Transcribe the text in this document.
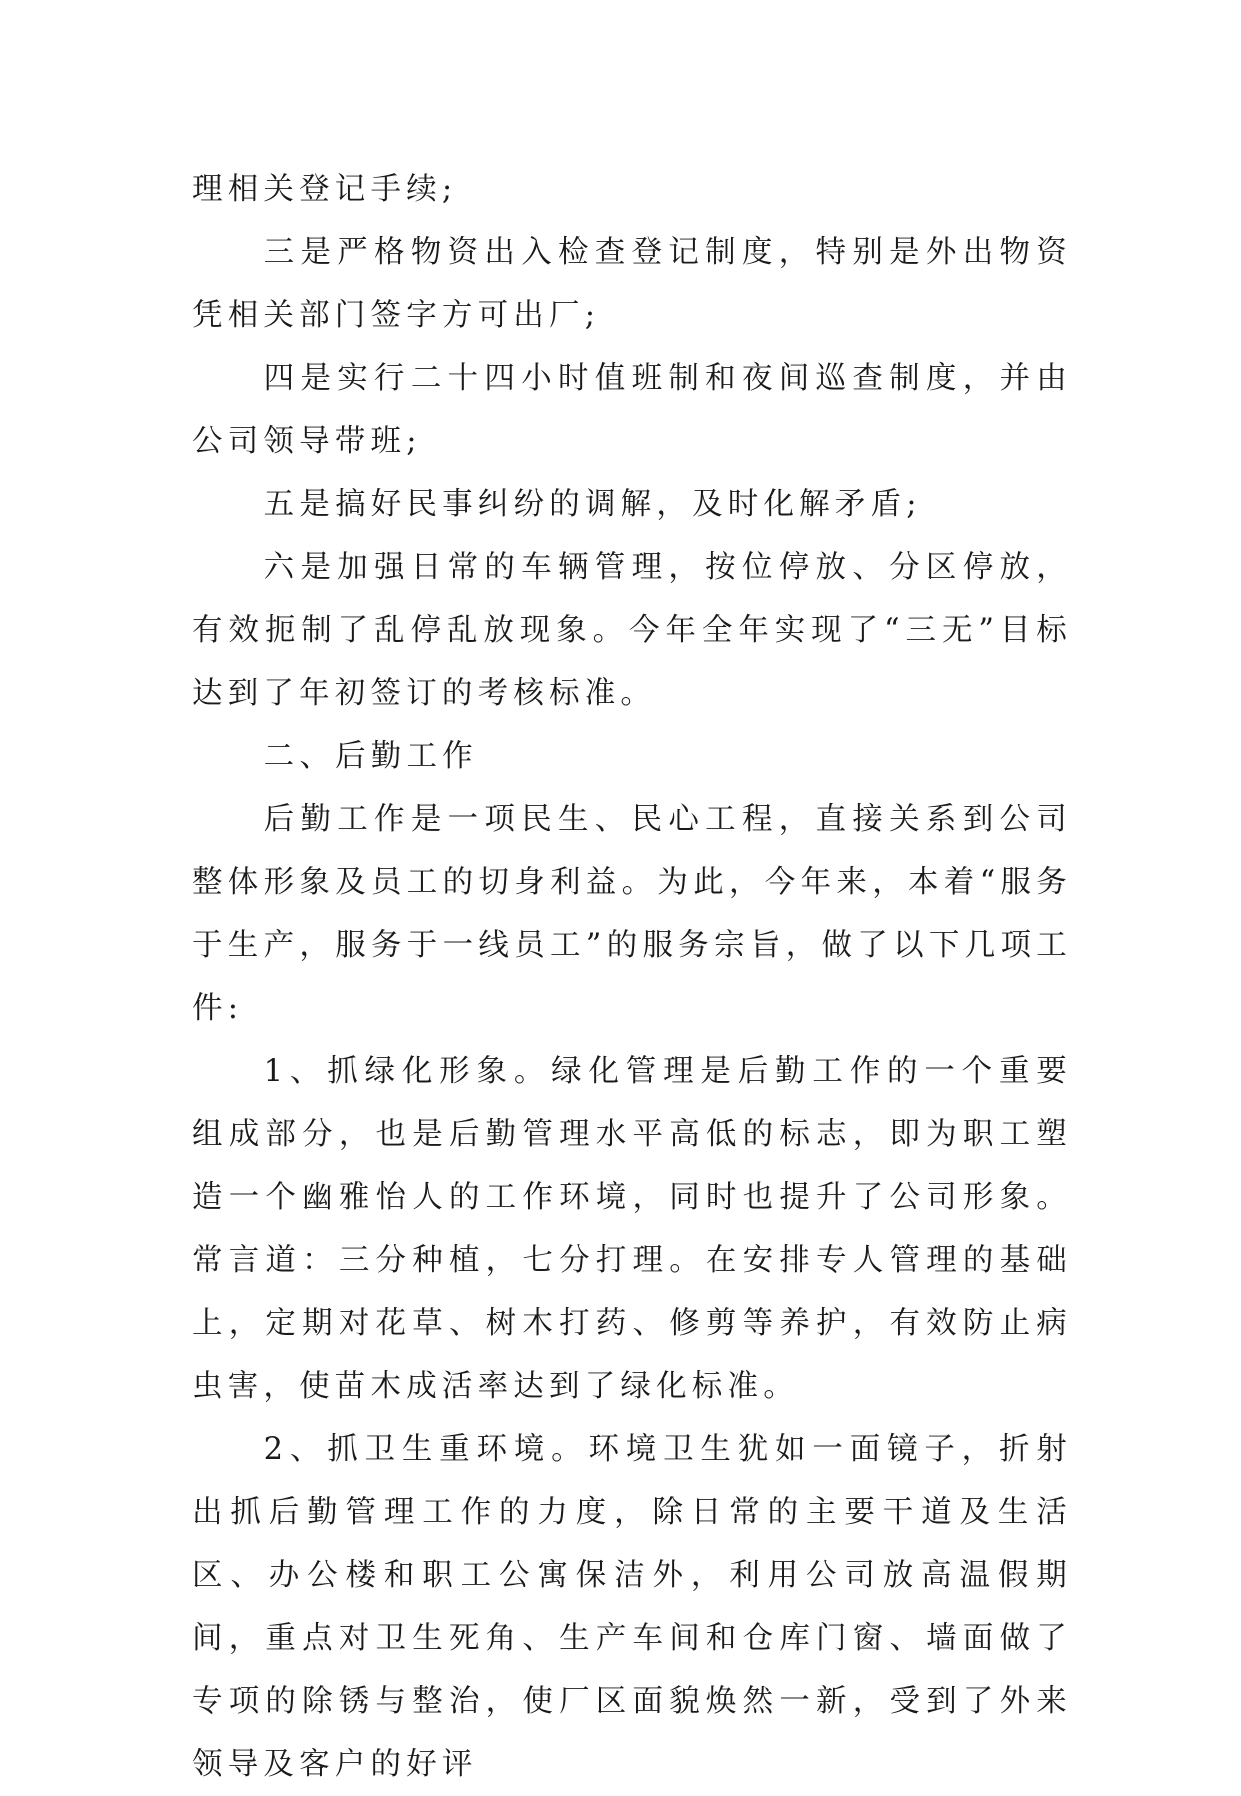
理相关登记手续;

三是严格物资出入检查登记制度，特别是外出物资凭相关部门签字方可出厂;

四是实行二十四小时值班制和夜间巡查制度，并由公司领导带班;

五是搞好民事纠纷的调解，及时化解矛盾;

六是加强日常的车辆管理，按位停放、分区停放，有效扼制了乱停乱放现象。今年全年实现了“三无”目标达到了年初签订的考核标准。

二、后勤工作

后勤工作是一项民生、民心工程，直接关系到公司整体形象及员工的切身利益。为此，今年来，本着“服务于生产，服务于一线员工”的服务宗旨，做了以下几项工件:

1、抓绿化形象。绿化管理是后勤工作的一个重要组成部分，也是后勤管理水平高低的标志，即为职工塑造一个幽雅怡人的工作环境，同时也提升了公司形象。常言道：三分种植，七分打理。在安排专人管理的基础上，定期对花草、树木打药、修剪等养护，有效防止病虫害，使苗木成活率达到了绿化标准。

2、抓卫生重环境。环境卫生犹如一面镜子，折射出抓后勤管理工作的力度，除日常的主要干道及生活区、办公楼和职工公寓保洁外，利用公司放高温假期间，重点对卫生死角、生产车间和仓库门窗、墙面做了专项的除锈与整治，使厂区面貌焕然一新，受到了外来领导及客户的好评
